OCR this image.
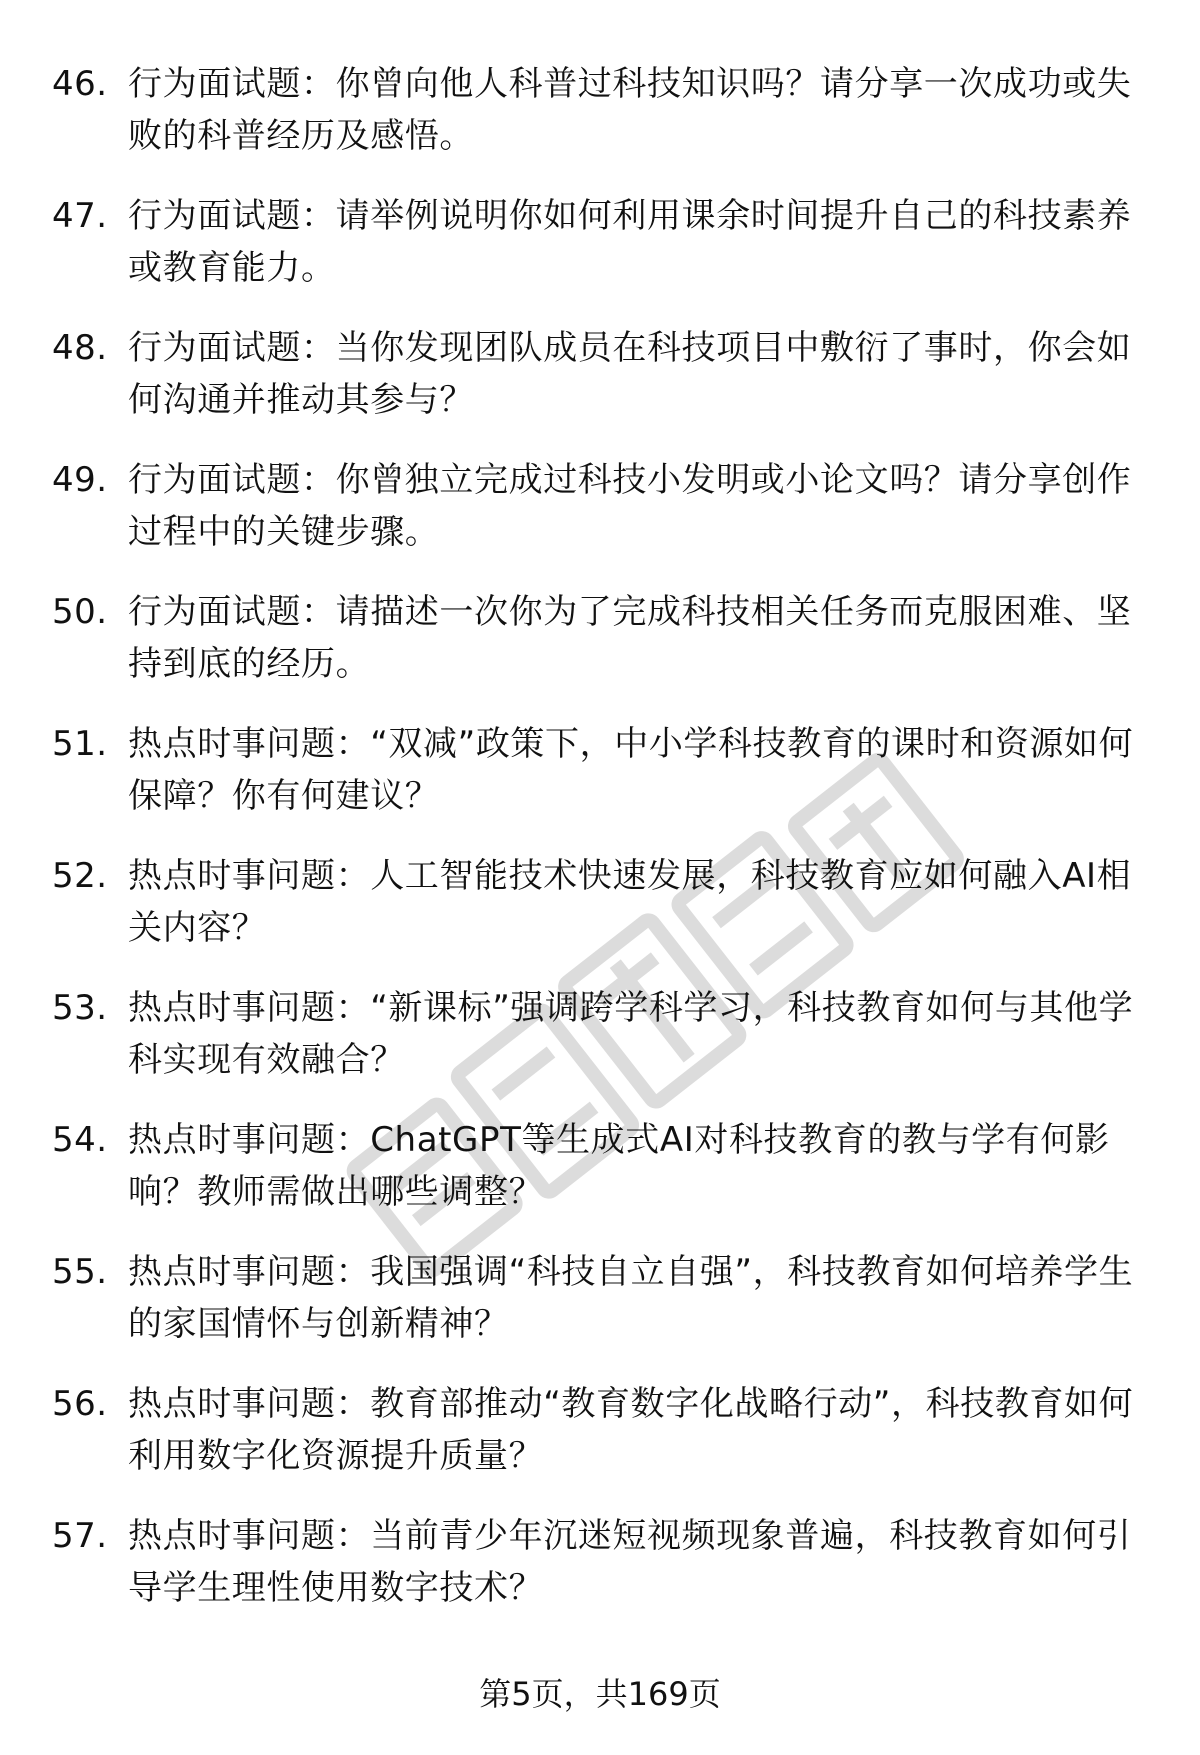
46. 行为面试题：你曾向他人科普过科技知识吗？请分享一次成功或失败的科普经历及感悟。
47. 行为面试题：请举例说明你如何利用课余时间提升自己的科技素养或教育能力。
48. 行为面试题：当你发现团队成员在科技项目中敷衍了事时，你会如何沟通并推动其参与？
49. 行为面试题：你曾独立完成过科技小发明或小论文吗？请分享创作过程中的关键步骤。
50. 行为面试题：请描述一次你为了完成科技相关任务而克服困难、坚持到底的经历。
51. 热点时事问题：“双减”政策下，中小学科技教育的课时和资源如何保障？你有何建议？
52. 热点时事问题：人工智能技术快速发展，科技教育应如何融入AI相关内容？
53. 热点时事问题：“新课标”强调跨学科学习，科技教育如何与其他学科实现有效融合？
54. 热点时事问题：ChatGPT等生成式AI对科技教育的教与学有何影响？教师需做出哪些调整？
55. 热点时事问题：我国强调“科技自立自强”，科技教育如何培养学生的家国情怀与创新精神？
56. 热点时事问题：教育部推动“教育数字化战略行动”，科技教育如何利用数字化资源提升质量？
57. 热点时事问题：当前青少年沉迷短视频现象普遍，科技教育如何引导学生理性使用数字技术？
第5页，共169页
